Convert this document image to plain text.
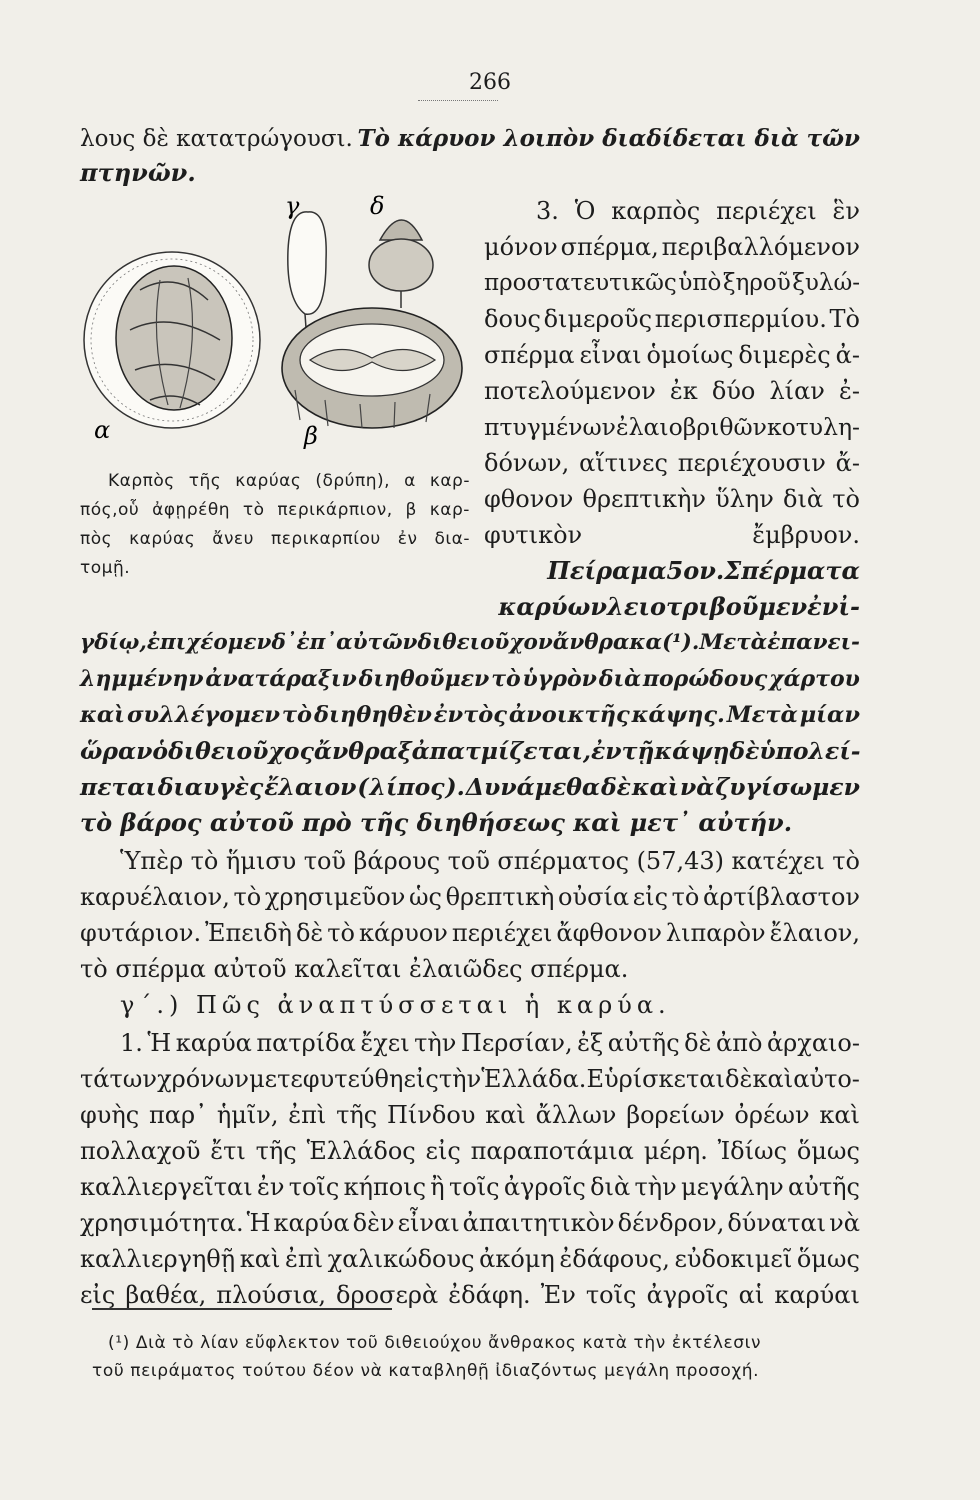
266
λους δὲ κατατρώγουσι. Τὸ κάρυον λοιπὸν διαδίδεται διὰ τῶν
πτηνῶν.
γ	δ
α	β
Καρπὸς τῆς καρύας (δρύπη), α καρ-
πός,οὗ ἀφῃρέθη τὸ περικάρπιον, β καρ-
πὸς καρύας ἄνευ περικαρπίου ἐν δια-
τομῇ.
3. Ὁ καρπὸς περιέχει ἓν
μόνον σπέρμα, περιβαλλόμενον
προστατευτικῶς ὑπὸ ξηροῦ ξυλώ-
δους διμεροῦς περισπερμίου. Τὸ
σπέρμα εἶναι ὁμοίως διμερὲς ἀ-
ποτελούμενον ἐκ δύο λίαν ἐ-
πτυγμένων ἐλαιοβριθῶν κοτυλη-
δόνων, αἵτινες περιέχουσιν ἄ-
φθονον θρεπτικὴν ὕλην διὰ τὸ
φυτικὸν	ἔμβρυον.
Πείραμα 5ον. Σπέρματα
καρύων λειοτριβοῦμεν ἐν ἰ-
γδίῳ,ἐπιχέομεν δ᾽ἐπ᾽ αὐτῶν διθειοῦχον ἄνθρακα(¹).Μετὰ ἐπανει-
λημμένην ἀνατάραξιν διηθοῦμεν τὸ ὑγρὸν διὰ πορώδους χάρτου
καὶ συλλέγομεν τὸ διηθηθὲν ἐντὸς ἀνοικτῆς κάψης. Μετὰ μίαν
ὥραν ὁ διθειοῦχος ἄνθραξ ἀπατμίζεται, ἐν τῇ κάψῃ δὲ ὑπολεί-
πεται διαυγὲς ἔλαιον ( λίπος ). Δυνάμεθα δὲ καὶ νὰ ζυγίσωμεν
τὸ βάρος αὐτοῦ πρὸ τῆς διηθήσεως καὶ μετ᾽ αὐτήν.
Ὑπὲρ τὸ ἥμισυ τοῦ βάρους τοῦ σπέρματος (57,43) κατέχει τὸ
καρυέλαιον, τὸ χρησιμεῦον ὡς θρεπτικὴ οὐσία εἰς τὸ ἀρτίβλαστον
φυτάριον. Ἐπειδὴ δὲ τὸ κάρυον περιέχει ἄφθονον λιπαρὸν ἔλαιον,
τὸ σπέρμα αὐτοῦ καλεῖται ἐλαιῶδες σπέρμα.
γ΄.) Πῶς ἀναπτύσσεται ἡ καρύα.
1. Ἡ καρύα πατρίδα ἔχει τὴν Περσίαν, ἐξ αὐτῆς δὲ ἀπὸ ἀρχαιο-
τάτων χρόνων μετεφυτεύθη εἰς τὴν Ἑλλάδα. Εὑρίσκεται δὲ καὶ αὐτο-
φυὴς παρ᾽ ἡμῖν, ἐπὶ τῆς Πίνδου καὶ ἄλλων βορείων ὀρέων καὶ
πολλαχοῦ ἔτι τῆς Ἑλλάδος εἰς παραποτάμια μέρη. Ἰδίως ὅμως
καλλιεργεῖται ἐν τοῖς κήποις ἢ τοῖς ἀγροῖς διὰ τὴν μεγάλην αὐτῆς
χρησιμότητα. Ἡ καρύα δὲν εἶναι ἀπαιτητικὸν δένδρον, δύναται νὰ
καλλιεργηθῇ καὶ ἐπὶ χαλικώδους ἀκόμη ἐδάφους, εὐδοκιμεῖ ὅμως
εἰς βαθέα, πλούσια, δροσερὰ ἐδάφη. Ἐν τοῖς ἀγροῖς αἱ καρύαι
(¹) Διὰ τὸ λίαν εὔφλεκτον τοῦ διθειούχου ἄνθρακος κατὰ τὴν ἐκτέλεσιν
τοῦ πειράματος τούτου δέον νὰ καταβληθῇ ἰδιαζόντως μεγάλη προσοχή.
